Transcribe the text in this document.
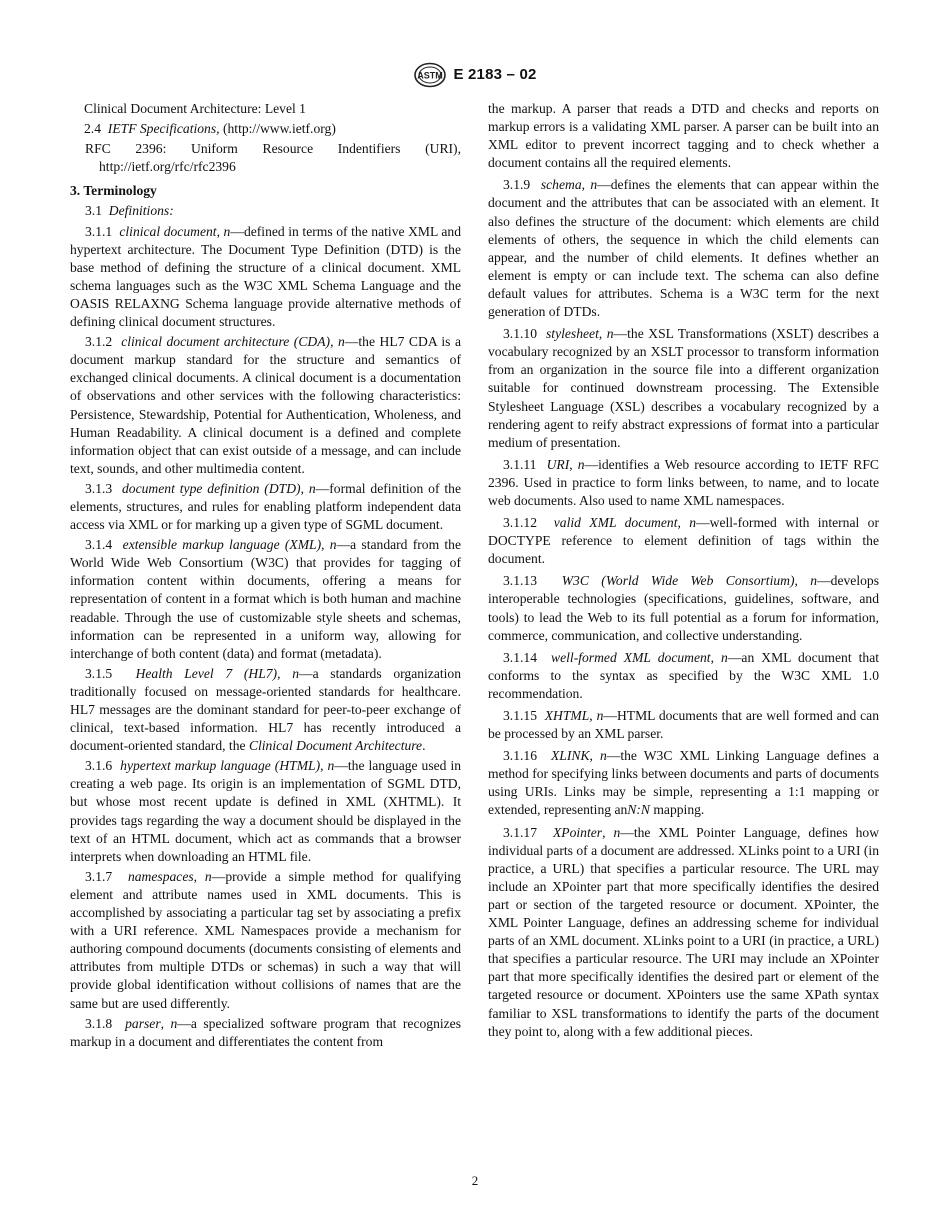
ASTM E 2183 – 02

Clinical Document Architecture: Level 1

2.4 IETF Specifications, (http://www.ietf.org)

RFC 2396: Uniform Resource Indentifiers (URI), http://ietf.org/rfc/rfc2396

3. Terminology

3.1 Definitions:

3.1.1 clinical document, n—defined in terms of the native XML and hypertext architecture. The Document Type Definition (DTD) is the base method of defining the structure of a clinical document. XML schema languages such as the W3C XML Schema Language and the OASIS RELAXNG Schema language provide alternative methods of defining clinical document structures.

3.1.2 clinical document architecture (CDA), n—the HL7 CDA is a document markup standard for the structure and semantics of exchanged clinical documents. A clinical document is a documentation of observations and other services with the following characteristics: Persistence, Stewardship, Potential for Authentication, Wholeness, and Human Readability. A clinical document is a defined and complete information object that can exist outside of a message, and can include text, sounds, and other multimedia content.

3.1.3 document type definition (DTD), n—formal definition of the elements, structures, and rules for enabling platform independent data access via XML or for marking up a given type of SGML document.

3.1.4 extensible markup language (XML), n—a standard from the World Wide Web Consortium (W3C) that provides for tagging of information content within documents, offering a means for representation of content in a format which is both human and machine readable. Through the use of customizable style sheets and schemas, information can be represented in a uniform way, allowing for interchange of both content (data) and format (metadata).

3.1.5 Health Level 7 (HL7), n—a standards organization traditionally focused on message-oriented standards for healthcare. HL7 messages are the dominant standard for peer-to-peer exchange of clinical, text-based information. HL7 has recently introduced a document-oriented standard, the Clinical Document Architecture.

3.1.6 hypertext markup language (HTML), n—the language used in creating a web page. Its origin is an implementation of SGML DTD, but whose most recent update is defined in XML (XHTML). It provides tags regarding the way a document should be displayed in the text of an HTML document, which act as commands that a browser interprets when downloading an HTML file.

3.1.7 namespaces, n—provide a simple method for qualifying element and attribute names used in XML documents. This is accomplished by associating a particular tag set by associating a prefix with a URI reference. XML Namespaces provide a mechanism for authoring compound documents (documents consisting of elements and attributes from multiple DTDs or schemas) in such a way that will provide global identification without collisions of names that are the same but are used differently.

3.1.8 parser, n—a specialized software program that recognizes markup in a document and differentiates the content from

the markup. A parser that reads a DTD and checks and reports on markup errors is a validating XML parser. A parser can be built into an XML editor to prevent incorrect tagging and to check whether a document contains all the required elements.

3.1.9 schema, n—defines the elements that can appear within the document and the attributes that can be associated with an element. It also defines the structure of the document: which elements are child elements of others, the sequence in which the child elements can appear, and the number of child elements. It defines whether an element is empty or can include text. The schema can also define default values for attributes. Schema is a W3C term for the next generation of DTDs.

3.1.10 stylesheet, n—the XSL Transformations (XSLT) describes a vocabulary recognized by an XSLT processor to transform information from an organization in the source file into a different organization suitable for continued downstream processing. The Extensible Stylesheet Language (XSL) describes a vocabulary recognized by a rendering agent to reify abstract expressions of format into a particular medium of presentation.

3.1.11 URI, n—identifies a Web resource according to IETF RFC 2396. Used in practice to form links between, to name, and to locate web documents. Also used to name XML namespaces.

3.1.12 valid XML document, n—well-formed with internal or DOCTYPE reference to element definition of tags within the document.

3.1.13 W3C (World Wide Web Consortium), n—develops interoperable technologies (specifications, guidelines, software, and tools) to lead the Web to its full potential as a forum for information, commerce, communication, and collective understanding.

3.1.14 well-formed XML document, n—an XML document that conforms to the syntax as specified by the W3C XML 1.0 recommendation.

3.1.15 XHTML, n—HTML documents that are well formed and can be processed by an XML parser.

3.1.16 XLINK, n—the W3C XML Linking Language defines a method for specifying links between documents and parts of documents using URIs. Links may be simple, representing a 1:1 mapping or extended, representing anN:N mapping.

3.1.17 XPointer, n—the XML Pointer Language, defines how individual parts of a document are addressed. XLinks point to a URI (in practice, a URL) that specifies a particular resource. The URL may include an XPointer part that more specifically identifies the desired part or section of the targeted resource or document. XPointer, the XML Pointer Language, defines an addressing scheme for individual parts of an XML document. XLinks point to a URI (in practice, a URL) that specifies a particular resource. The URI may include an XPointer part that more specifically identifies the desired part or element of the targeted resource or document. XPointers use the same XPath syntax familiar to XSL transformations to identify the parts of the document they point to, along with a few additional pieces.

2
